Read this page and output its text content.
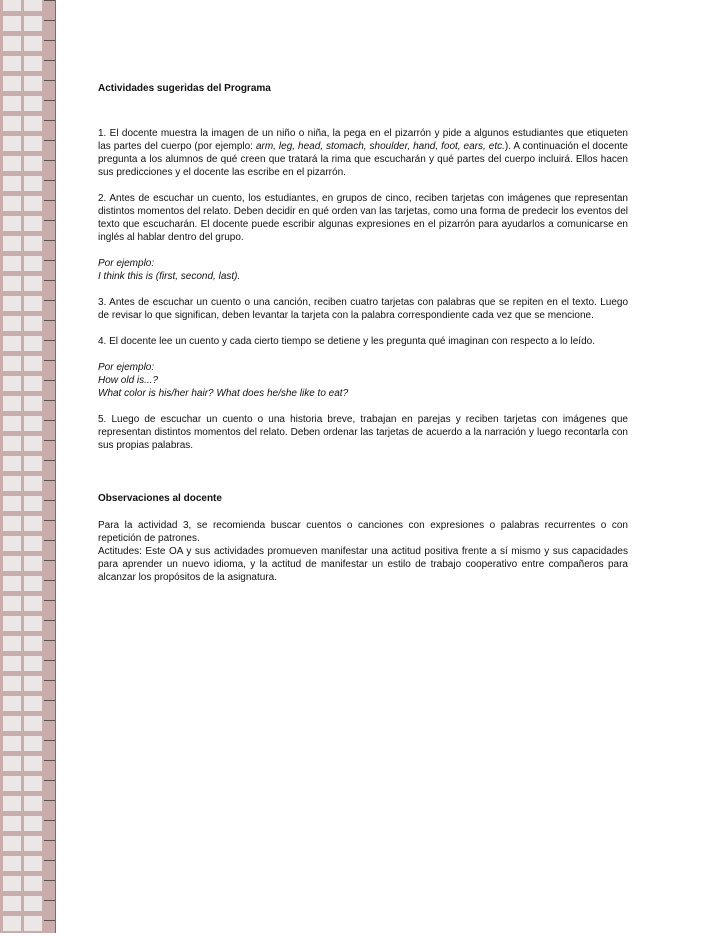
Actividades sugeridas del Programa

1. El docente muestra la imagen de un niño o niña, la pega en el pizarrón y pide a algunos estudiantes que etiqueten las partes del cuerpo (por ejemplo: arm, leg, head, stomach, shoulder, hand, foot, ears, etc.). A continuación el docente pregunta a los alumnos de qué creen que tratará la rima que escucharán y qué partes del cuerpo incluirá. Ellos hacen sus predicciones y el docente las escribe en el pizarrón.

2. Antes de escuchar un cuento, los estudiantes, en grupos de cinco, reciben tarjetas con imágenes que representan distintos momentos del relato. Deben decidir en qué orden van las tarjetas, como una forma de predecir los eventos del texto que escucharán. El docente puede escribir algunas expresiones en el pizarrón para ayudarlos a comunicarse en inglés al hablar dentro del grupo.

Por ejemplo:
I think this is (first, second, last).

3. Antes de escuchar un cuento o una canción, reciben cuatro tarjetas con palabras que se repiten en el texto. Luego de revisar lo que significan, deben levantar la tarjeta con la palabra correspondiente cada vez que se mencione.

4. El docente lee un cuento y cada cierto tiempo se detiene y les pregunta qué imaginan con respecto a lo leído.

Por ejemplo:
How old is...?
What color is his/her hair? What does he/she like to eat?

5. Luego de escuchar un cuento o una historia breve, trabajan en parejas y reciben tarjetas con imágenes que representan distintos momentos del relato. Deben ordenar las tarjetas de acuerdo a la narración y luego recontarla con sus propias palabras.

Observaciones al docente

Para la actividad 3, se recomienda buscar cuentos o canciones con expresiones o palabras recurrentes o con repetición de patrones.

Actitudes: Este OA y sus actividades promueven manifestar una actitud positiva frente a sí mismo y sus capacidades para aprender un nuevo idioma, y la actitud de manifestar un estilo de trabajo cooperativo entre compañeros para alcanzar los propósitos de la asignatura.
